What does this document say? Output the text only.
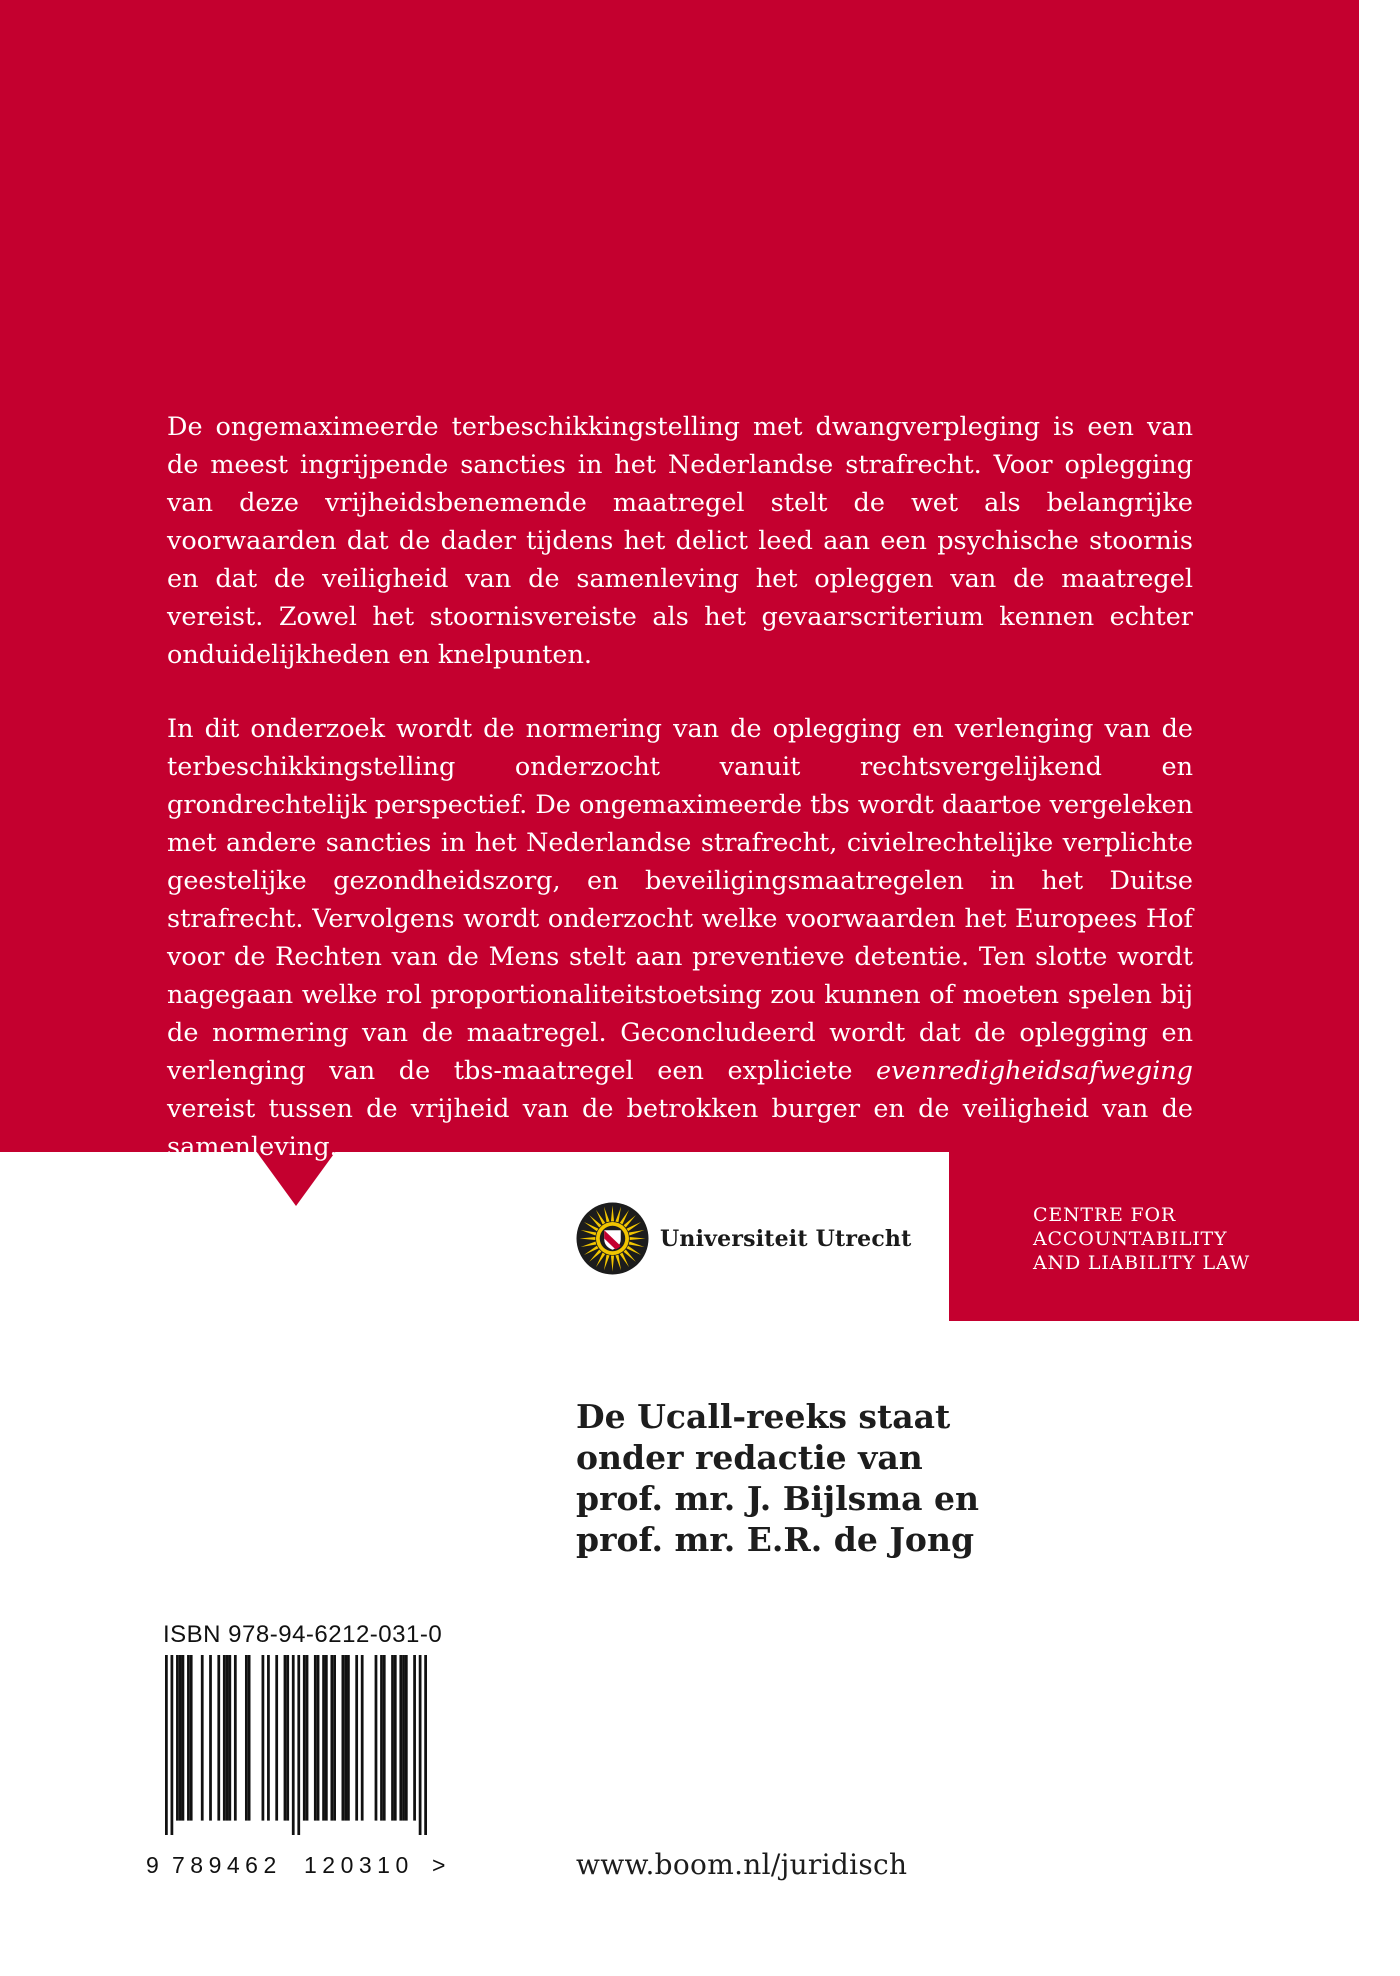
De ongemaximeerde terbeschikkingstelling met dwangverpleging is een van de meest ingrijpende sancties in het Nederlandse strafrecht. Voor oplegging van deze vrijheidsbenemende maatregel stelt de wet als belangrijke voorwaarden dat de dader tijdens het delict leed aan een psychische stoornis en dat de veiligheid van de samenleving het opleggen van de maatregel vereist. Zowel het stoornisvereiste als het gevaarscriterium kennen echter onduidelijkheden en knelpunten.

In dit onderzoek wordt de normering van de oplegging en verlenging van de terbeschikkingstelling onderzocht vanuit rechtsvergelijkend en grondrechtelijk perspectief. De ongemaximeerde tbs wordt daartoe vergeleken met andere sancties in het Nederlandse strafrecht, civielrechtelijke verplichte geestelijke gezondheidszorg, en beveiligingsmaatregelen in het Duitse strafrecht. Vervolgens wordt onderzocht welke voorwaarden het Europees Hof voor de Rechten van de Mens stelt aan preventieve detentie. Ten slotte wordt nagegaan welke rol proportionaliteitstoetsing zou kunnen of moeten spelen bij de normering van de maatregel. Geconcludeerd wordt dat de oplegging en verlenging van de tbs-maatregel een expliciete evenredigheidsafweging vereist tussen de vrijheid van de betrokken burger en de veiligheid van de samenleving.

Universiteit Utrecht
CENTRE FOR
ACCOUNTABILITY
AND LIABILITY LAW
De Ucall-reeks staat
onder redactie van
prof. mr. J. Bijlsma en
prof. mr. E.R. de Jong
ISBN 978-94-6212-031-0
9 789462 120310 >	www.boom.nl/juridisch
